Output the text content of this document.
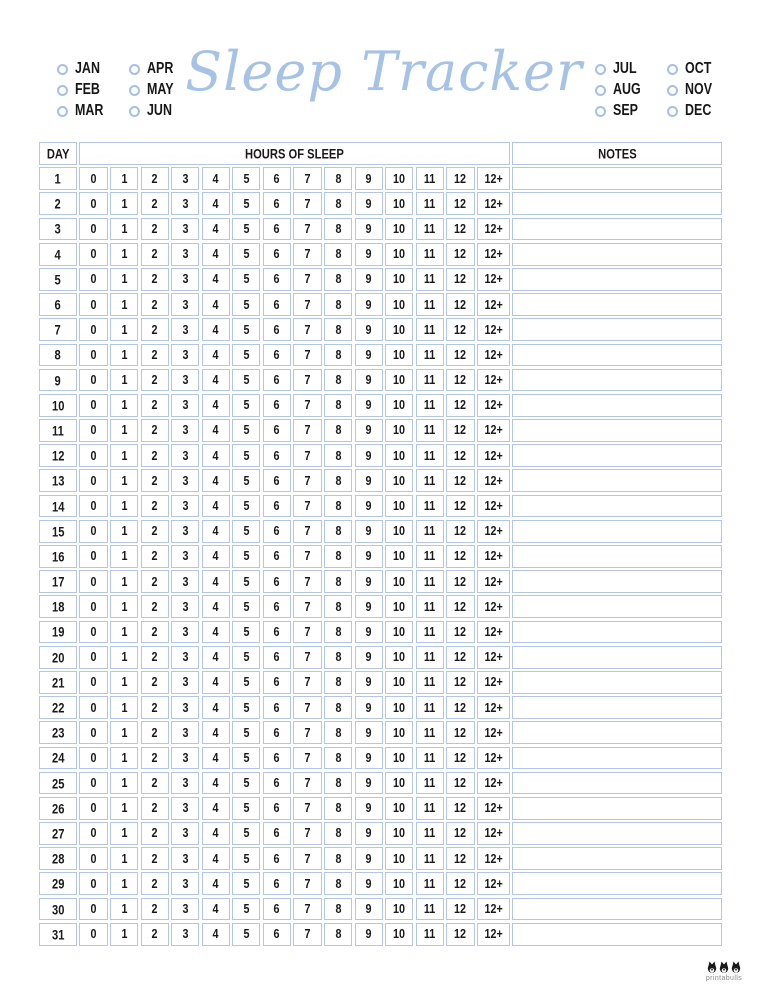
JAN
FEB
MAR
APR
MAY
JUN
Sleep Tracker	JUL
AUG
SEP
OCT
NOV
DEC
DAY	HOURS OF SLEEP	NOTES
1 0 1 2 3 4 5 6 7 8 9 10 11 12 12+
2 0 1 2 3 4 5 6 7 8 9 10 11 12 12+
3 0 1 2 3 4 5 6 7 8 9 10 11 12 12+
4 0 1 2 3 4 5 6 7 8 9 10 11 12 12+
5 0 1 2 3 4 5 6 7 8 9 10 11 12 12+
6 0 1 2 3 4 5 6 7 8 9 10 11 12 12+
7 0 1 2 3 4 5 6 7 8 9 10 11 12 12+
8 0 1 2 3 4 5 6 7 8 9 10 11 12 12+
9 0 1 2 3 4 5 6 7 8 9 10 11 12 12+
10 0 1 2 3 4 5 6 7 8 9 10 11 12 12+
11 0 1 2 3 4 5 6 7 8 9 10 11 12 12+
12 0 1 2 3 4 5 6 7 8 9 10 11 12 12+
13 0 1 2 3 4 5 6 7 8 9 10 11 12 12+
14 0 1 2 3 4 5 6 7 8 9 10 11 12 12+
15 0 1 2 3 4 5 6 7 8 9 10 11 12 12+
16 0 1 2 3 4 5 6 7 8 9 10 11 12 12+
17 0 1 2 3 4 5 6 7 8 9 10 11 12 12+
18 0 1 2 3 4 5 6 7 8 9 10 11 12 12+
19 0 1 2 3 4 5 6 7 8 9 10 11 12 12+
20 0 1 2 3 4 5 6 7 8 9 10 11 12 12+
21 0 1 2 3 4 5 6 7 8 9 10 11 12 12+
22 0 1 2 3 4 5 6 7 8 9 10 11 12 12+
23 0 1 2 3 4 5 6 7 8 9 10 11 12 12+
24 0 1 2 3 4 5 6 7 8 9 10 11 12 12+
25 0 1 2 3 4 5 6 7 8 9 10 11 12 12+
26 0 1 2 3 4 5 6 7 8 9 10 11 12 12+
27 0 1 2 3 4 5 6 7 8 9 10 11 12 12+
28 0 1 2 3 4 5 6 7 8 9 10 11 12 12+
29 0 1 2 3 4 5 6 7 8 9 10 11 12 12+
30 0 1 2 3 4 5 6 7 8 9 10 11 12 12+
31 0 1 2 3 4 5 6 7 8 9 10 11 12 12+
printabulls
